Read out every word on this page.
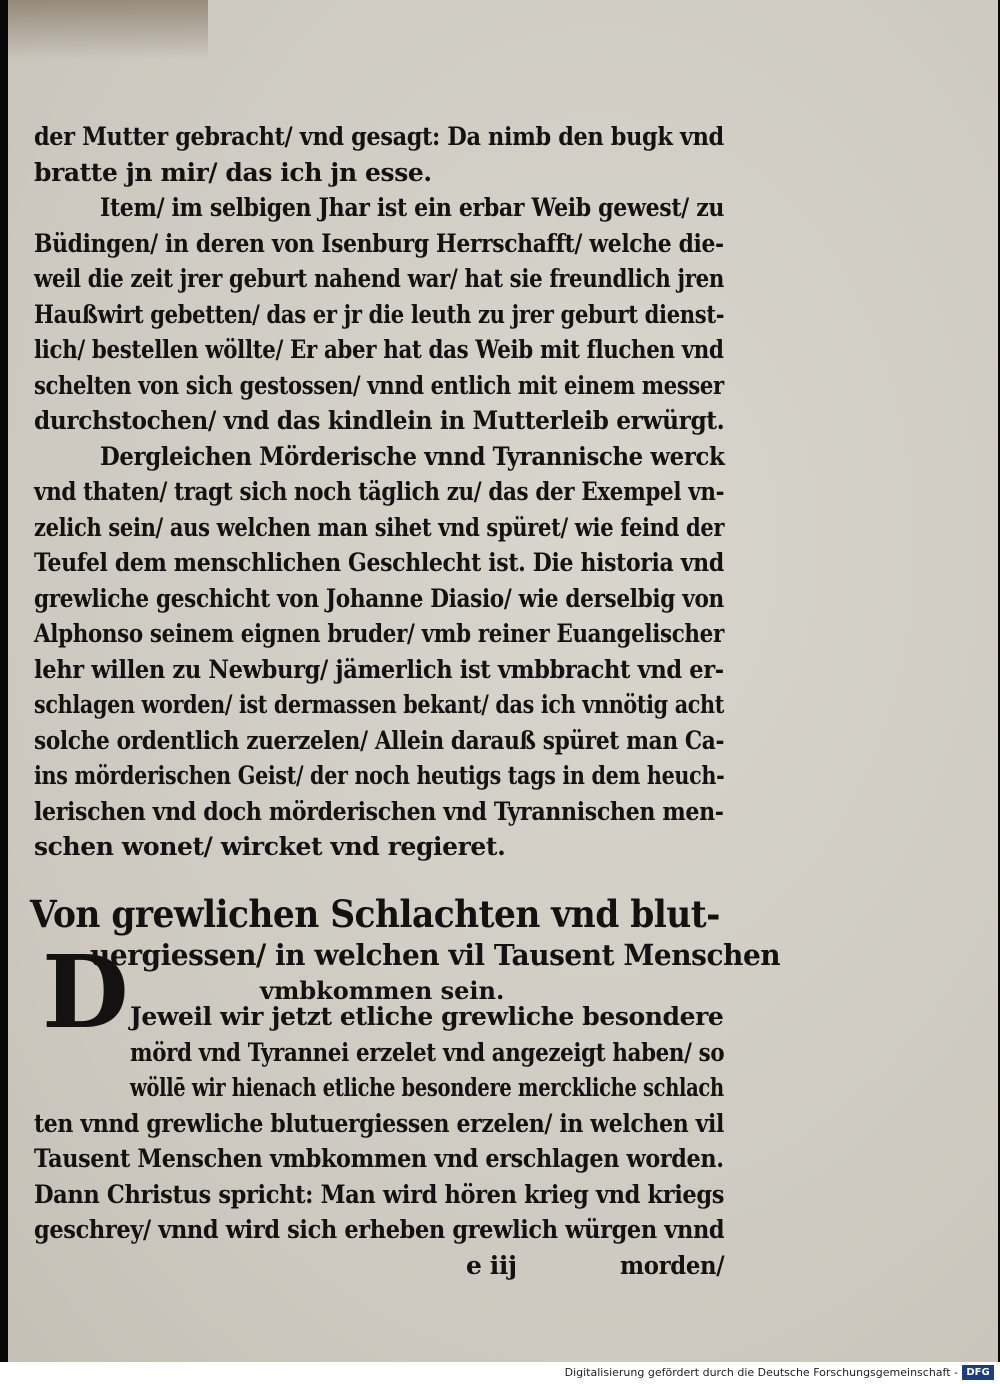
der Mutter gebracht/ vnd gesagt: Da nimb den bugk vnd
bratte jn mir/ das ich jn esse.
Item/ im selbigen Jhar ist ein erbar Weib gewest/ zu
Büdingen/ in deren von Isenburg Herrschafft/ welche die-
weil die zeit jrer geburt nahend war/ hat sie freundlich jren
Haußwirt gebetten/ das er jr die leuth zu jrer geburt dienst-
lich/ bestellen wöllte/ Er aber hat das Weib mit fluchen vnd
schelten von sich gestossen/ vnnd entlich mit einem messer
durchstochen/ vnd das kindlein in Mutterleib erwürgt.
Dergleichen Mörderische vnnd Tyrannische werck
vnd thaten/ tragt sich noch täglich zu/ das der Exempel vn-
zelich sein/ aus welchen man sihet vnd spüret/ wie feind der
Teufel dem menschlichen Geschlecht ist. Die historia vnd
grewliche geschicht von Johanne Diasio/ wie derselbig von
Alphonso seinem eignen bruder/ vmb reiner Euangelischer
lehr willen zu Newburg/ jämerlich ist vmbbracht vnd er-
schlagen worden/ ist dermassen bekant/ das ich vnnötig acht
solche ordentlich zuerzelen/ Allein darauß spüret man Ca-
ins mörderischen Geist/ der noch heutigs tags in dem heuch-
lerischen vnd doch mörderischen vnd Tyrannischen men-
schen wonet/ wircket vnd regieret.
Von grewlichen Schlachten vnd blut-
uergiessen/ in welchen vil Tausent Menschen
vmbkommen sein.
D Jeweil wir jetzt etliche grewliche besondere
mörd vnd Tyrannei erzelet vnd angezeigt haben/ so
wöllē wir hienach etliche besondere merckliche schlach
ten vnnd grewliche blutuergiessen erzelen/ in welchen vil
Tausent Menschen vmbkommen vnd erschlagen worden.
Dann Christus spricht: Man wird hören krieg vnd kriegs
geschrey/ vnnd wird sich erheben grewlich würgen vnnd
e iij	morden/
Digitalisierung gefördert durch die Deutsche Forschungsgemeinschaft - DFG
